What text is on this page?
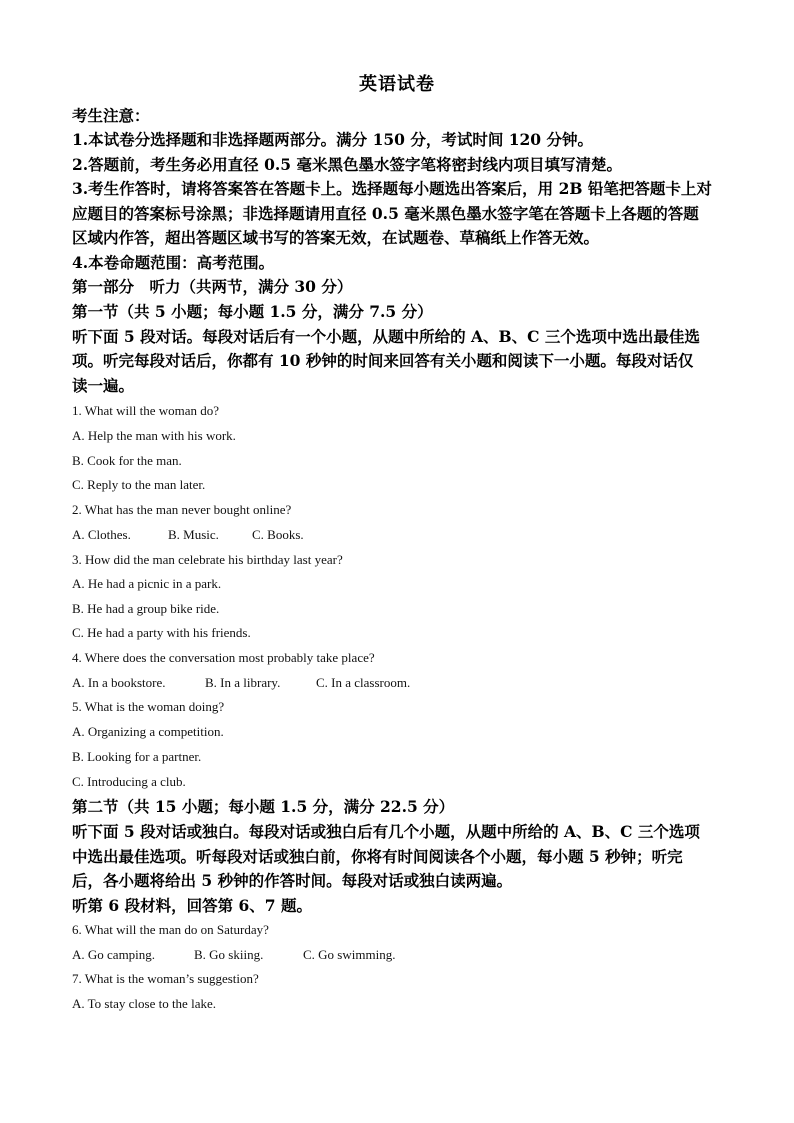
英语试卷
考生注意：
1.本试卷分选择题和非选择题两部分。满分 150 分，考试时间 120 分钟。
2.答题前，考生务必用直径 0.5 毫米黑色墨水签字笔将密封线内项目填写清楚。
3.考生作答时，请将答案答在答题卡上。选择题每小题选出答案后，用 2B 铅笔把答题卡上对
应题目的答案标号涂黑；非选择题请用直径 0.5 毫米黑色墨水签字笔在答题卡上各题的答题
区域内作答，超出答题区域书写的答案无效，在试题卷、草稿纸上作答无效。
4.本卷命题范围：高考范围。
第一部分　听力（共两节，满分 30 分）
第一节（共 5 小题；每小题 1.5 分，满分 7.5 分）
听下面 5 段对话。每段对话后有一个小题，从题中所给的 A、B、C 三个选项中选出最佳选
项。听完每段对话后，你都有 10 秒钟的时间来回答有关小题和阅读下一小题。每段对话仅
读一遍。
1. What will the woman do?
A. Help the man with his work.
B. Cook for the man.
C. Reply to the man later.
2. What has the man never bought online?
A. Clothes.	B. Music.	C. Books.
3. How did the man celebrate his birthday last year?
A. He had a picnic in a park.
B. He had a group bike ride.
C. He had a party with his friends.
4. Where does the conversation most probably take place?
A. In a bookstore.	B. In a library.	C. In a classroom.
5. What is the woman doing?
A. Organizing a competition.
B. Looking for a partner.
C. Introducing a club.
第二节（共 15 小题；每小题 1.5 分，满分 22.5 分）
听下面 5 段对话或独白。每段对话或独白后有几个小题，从题中所给的 A、B、C 三个选项
中选出最佳选项。听每段对话或独白前，你将有时间阅读各个小题，每小题 5 秒钟；听完
后，各小题将给出 5 秒钟的作答时间。每段对话或独白读两遍。
听第 6 段材料，回答第 6、7 题。
6. What will the man do on Saturday?
A. Go camping.	B. Go skiing.	C. Go swimming.
7. What is the woman’s suggestion?
A. To stay close to the lake.
